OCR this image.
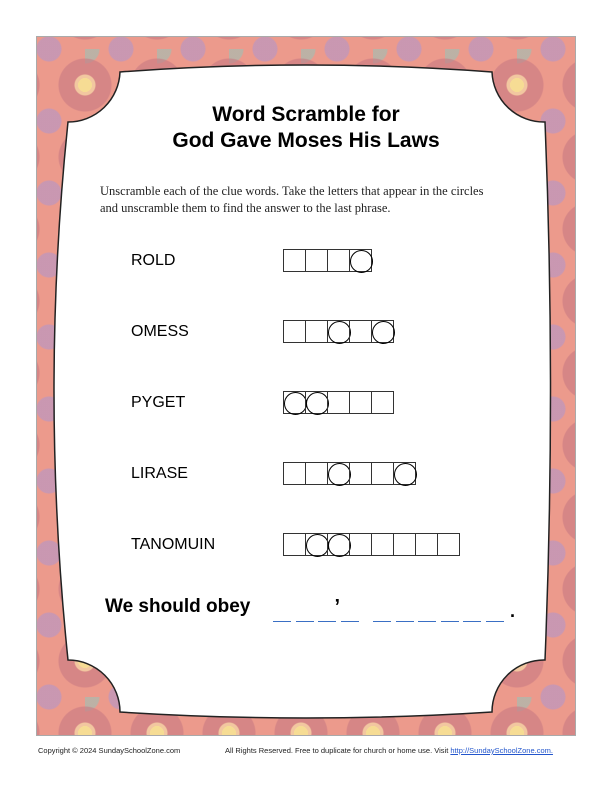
Word Scramble for
God Gave Moses His Laws
Unscramble each of the clue words. Take the letters that appear in the circles and unscramble them to find the answer to the last phrase.
ROLD
OMESS
PYGET
LIRASE
TANOMUIN
We should obey	’	.
Copyright © 2024 SundaySchoolZone.com	All Rights Reserved. Free to duplicate for church or home use. Visit http://SundaySchoolZone.com.
